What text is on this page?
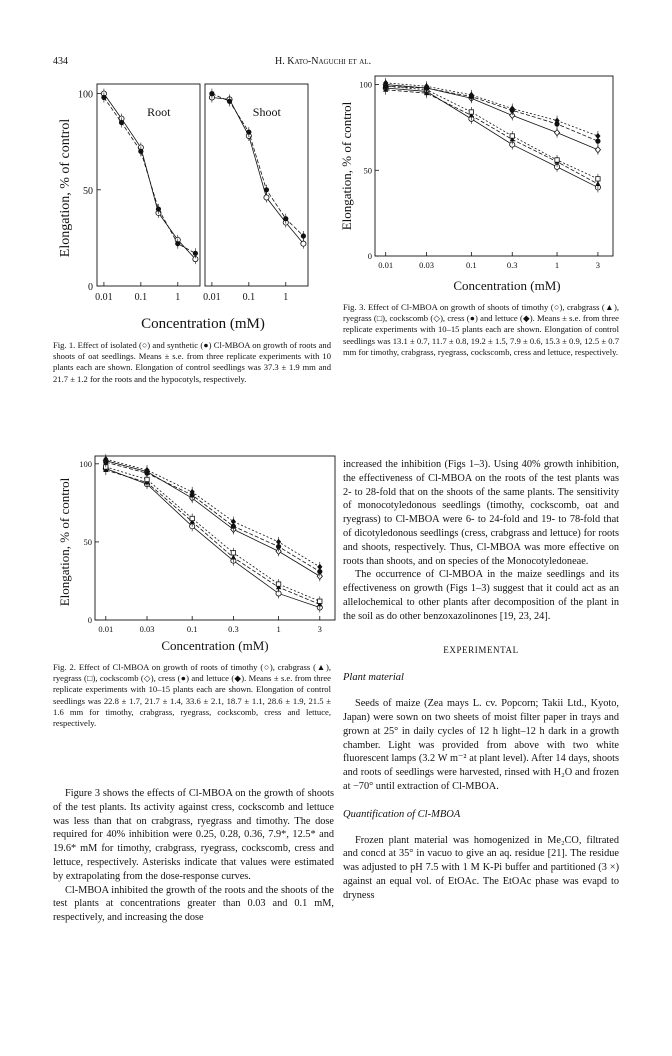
434	H. Kato-Naguchi et al.
Root
0.01 0.1	1
0
50
100
Shoot
0.01 0.1	1
Concentration (mM)
Elongation, % of control
0.01	0.03	0.1	0.3	1	3
0
50
100
Concentration (mM)
Elongation, % of control
Fig. 1. Effect of isolated (○) and synthetic (●) Cl-MBOA on growth of roots and shoots of oat seedlings. Means ± s.e. from three replicate experiments with 10 plants each are shown. Elongation of control seedlings was 37.3 ± 1.9 mm and 21.7 ± 1.2 for the roots and the hypocotyls, respectively.
Fig. 3. Effect of Cl-MBOA on growth of shoots of timothy (○), crabgrass (▲), ryegrass (□), cockscomb (◇), cress (●) and lettuce (◆). Means ± s.e. from three replicate experiments with 10–15 plants each are shown. Elongation of control seedlings was 13.1 ± 0.7, 11.7 ± 0.8, 19.2 ± 1.5, 7.9 ± 0.6, 15.3 ± 0.9, 12.5 ± 0.7 mm for timothy, crabgrass, ryegrass, cockscomb, cress and lettuce, respectively.
0.01	0.03	0.1	0.3	1	3
0
100
50
Concentration (mM)
Elongation, % of control
Fig. 2. Effect of Cl-MBOA on growth of roots of timothy (○), crabgrass (▲), ryegrass (□), cockscomb (◇), cress (●) and lettuce (◆). Means ± s.e. from three replicate experiments with 10–15 plants each are shown. Elongation of control seedlings was 22.8 ± 1.7, 21.7 ± 1.4, 33.6 ± 2.1, 18.7 ± 1.1, 28.6 ± 1.9, 21.5 ± 1.6 mm for timothy, crabgrass, ryegrass, cockscomb, cress and lettuce, respectively.

Figure 3 shows the effects of Cl-MBOA on the growth of shoots of the test plants. Its activity against cress, cockscomb and lettuce was less than that on crabgrass, ryegrass and timothy. The dose required for 40% inhibition were 0.25, 0.28, 0.36, 7.9*, 12.5* and 19.6* mM for timothy, crabgrass, ryegrass, cockscomb, cress and lettuce, respectively. Asterisks indicate that values were estimated by extrapolating from the dose-response curves.

Cl-MBOA inhibited the growth of the roots and the shoots of the test plants at concentrations greater than 0.03 and 0.1 mM, respectively, and increasing the dose

increased the inhibition (Figs 1–3). Using 40% growth inhibition, the effectiveness of Cl-MBOA on the roots of the test plants was 2- to 28-fold that on the shoots of the same plants. The sensitivity of monocotyledonous seedlings (timothy, cockscomb, oat and ryegrass) to Cl-MBOA were 6- to 24-fold and 19- to 78-fold that of dicotyledonous seedlings (cress, crabgrass and lettuce) for roots and shoots, respectively. Thus, Cl-MBOA was more effective on roots than shoots, and on species of the Monocotyledoneae.

The occurrence of Cl-MBOA in the maize seedlings and its effectiveness on growth (Figs 1–3) suggest that it could act as an allelochemical to other plants after decomposition of the plant in the soil as do other benzoxazolinones [19, 23, 24].

EXPERIMENTAL
Plant material

Seeds of maize (Zea mays L. cv. Popcorn; Takii Ltd., Kyoto, Japan) were sown on two sheets of moist filter paper in trays and grown at 25° in daily cycles of 12 h light–12 h dark in a growth chamber. Light was provided from above with two white fluorescent lamps (3.2 W m⁻² at plant level). After 14 days, shoots and roots of seedlings were harvested, rinsed with H₂O and frozen at −70° until extraction of Cl-MBOA.

Quantification of Cl-MBOA

Frozen plant material was homogenized in Me₂CO, filtrated and concd at 35° in vacuo to give an aq. residue [21]. The residue was adjusted to pH 7.5 with 1 M K-Pi buffer and partitioned (3 ×) against an equal vol. of EtOAc. The EtOAc phase was evapd to dryness
